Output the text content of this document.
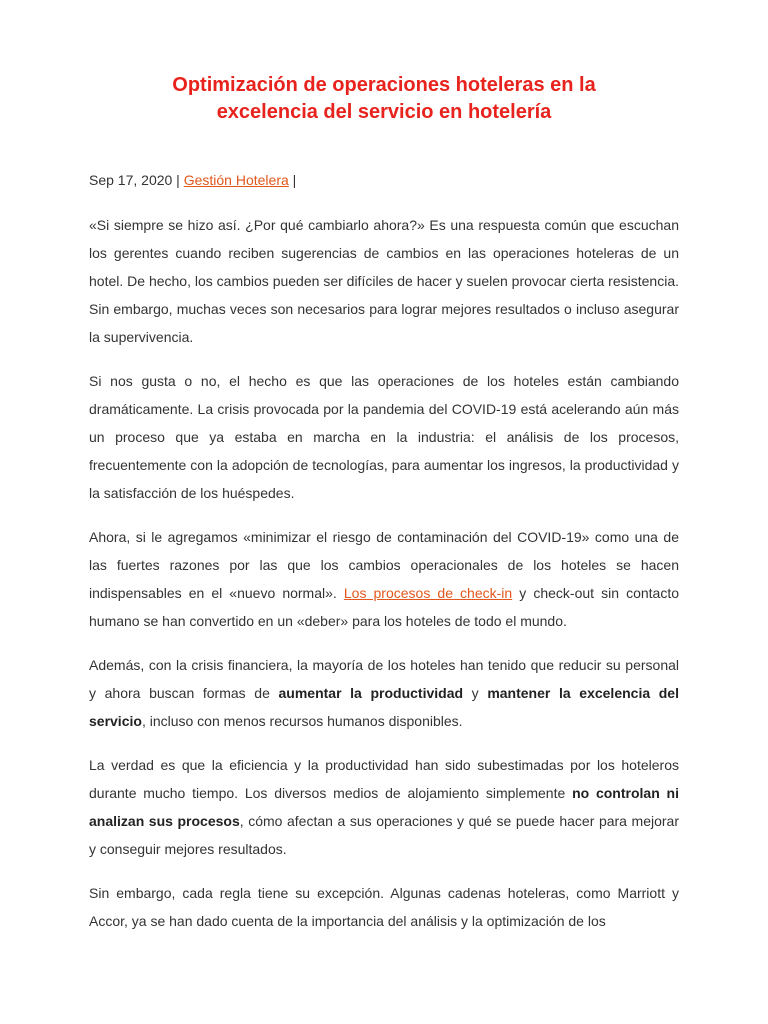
Optimización de operaciones hoteleras en la excelencia del servicio en hotelería
Sep 17, 2020 | Gestión Hotelera |

«Si siempre se hizo así. ¿Por qué cambiarlo ahora?» Es una respuesta común que escuchan los gerentes cuando reciben sugerencias de cambios en las operaciones hoteleras de un hotel. De hecho, los cambios pueden ser difíciles de hacer y suelen provocar cierta resistencia. Sin embargo, muchas veces son necesarios para lograr mejores resultados o incluso asegurar la supervivencia.

Si nos gusta o no, el hecho es que las operaciones de los hoteles están cambiando dramáticamente. La crisis provocada por la pandemia del COVID-19 está acelerando aún más un proceso que ya estaba en marcha en la industria: el análisis de los procesos, frecuentemente con la adopción de tecnologías, para aumentar los ingresos, la productividad y la satisfacción de los huéspedes.

Ahora, si le agregamos «minimizar el riesgo de contaminación del COVID-19» como una de las fuertes razones por las que los cambios operacionales de los hoteles se hacen indispensables en el «nuevo normal». Los procesos de check-in y check-out sin contacto humano se han convertido en un «deber» para los hoteles de todo el mundo.

Además, con la crisis financiera, la mayoría de los hoteles han tenido que reducir su personal y ahora buscan formas de aumentar la productividad y mantener la excelencia del servicio, incluso con menos recursos humanos disponibles.

La verdad es que la eficiencia y la productividad han sido subestimadas por los hoteleros durante mucho tiempo. Los diversos medios de alojamiento simplemente no controlan ni analizan sus procesos, cómo afectan a sus operaciones y qué se puede hacer para mejorar y conseguir mejores resultados.

Sin embargo, cada regla tiene su excepción. Algunas cadenas hoteleras, como Marriott y Accor, ya se han dado cuenta de la importancia del análisis y la optimización de los
